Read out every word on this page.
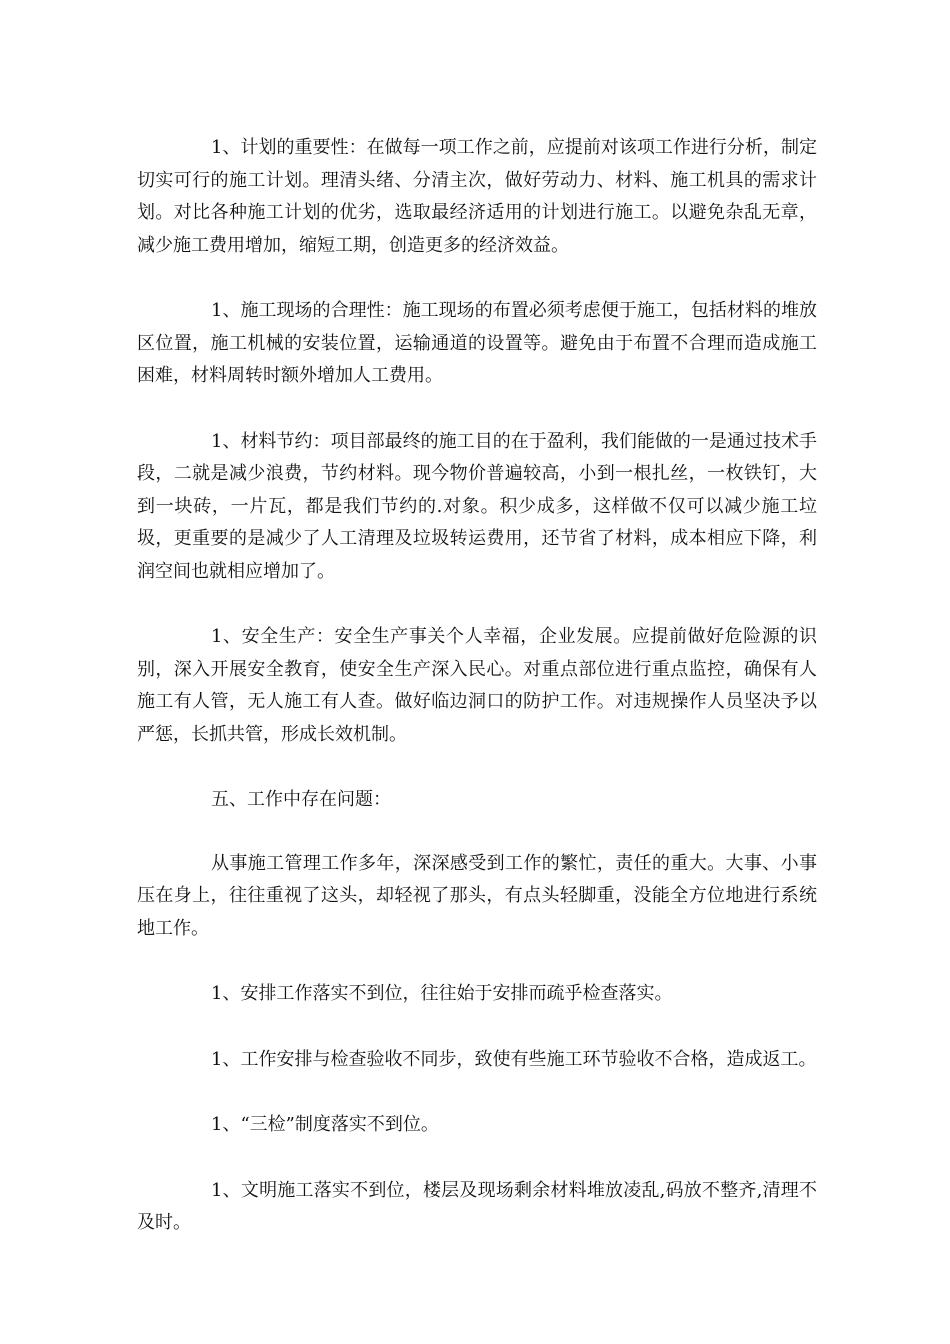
1、计划的重要性：在做每一项工作之前，应提前对该项工作进行分析，制定切实可行的施工计划。理清头绪、分清主次，做好劳动力、材料、施工机具的需求计划。对比各种施工计划的优劣，选取最经济适用的计划进行施工。以避免杂乱无章，减少施工费用增加，缩短工期，创造更多的经济效益。

1、施工现场的合理性：施工现场的布置必须考虑便于施工，包括材料的堆放区位置，施工机械的安装位置，运输通道的设置等。避免由于布置不合理而造成施工困难，材料周转时额外增加人工费用。

1、材料节约：项目部最终的施工目的在于盈利，我们能做的一是通过技术手段，二就是减少浪费，节约材料。现今物价普遍较高，小到一根扎丝，一枚铁钉，大到一块砖，一片瓦，都是我们节约的.对象。积少成多，这样做不仅可以减少施工垃圾，更重要的是减少了人工清理及垃圾转运费用，还节省了材料，成本相应下降，利润空间也就相应增加了。

1、安全生产：安全生产事关个人幸福，企业发展。应提前做好危险源的识别，深入开展安全教育，使安全生产深入民心。对重点部位进行重点监控，确保有人施工有人管，无人施工有人查。做好临边洞口的防护工作。对违规操作人员坚决予以严惩，长抓共管，形成长效机制。

五、工作中存在问题：

从事施工管理工作多年，深深感受到工作的繁忙，责任的重大。大事、小事压在身上，往往重视了这头，却轻视了那头，有点头轻脚重，没能全方位地进行系统地工作。

1、安排工作落实不到位，往往始于安排而疏乎检查落实。

1、工作安排与检查验收不同步，致使有些施工环节验收不合格，造成返工。

1、“三检”制度落实不到位。

1、文明施工落实不到位，楼层及现场剩余材料堆放凌乱,码放不整齐,清理不及时。
